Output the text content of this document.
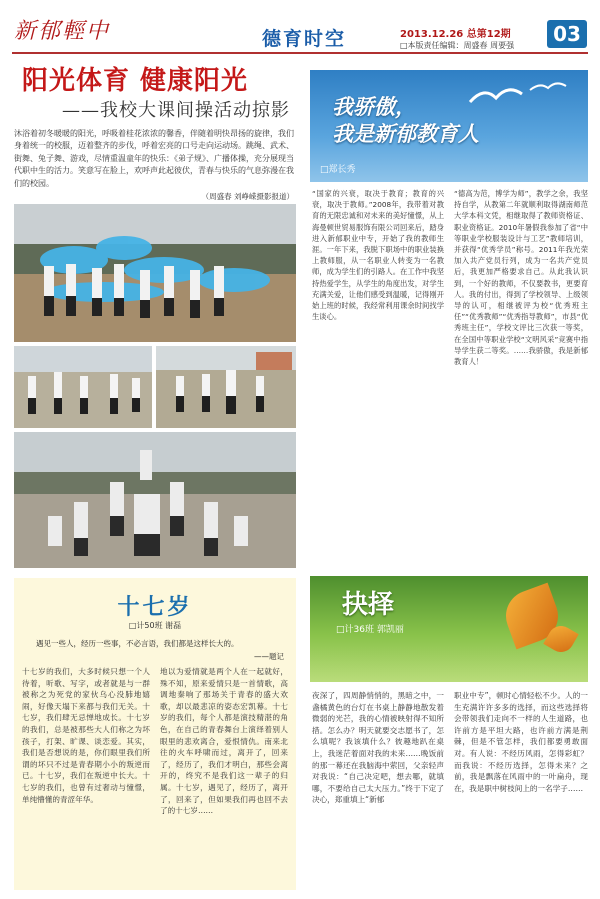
新郁輕中	德育时空	2013.12.26 总第12期
□本版责任编辑：周盛春 周要强	03
阳光体育 健康阳光
——我校大课间操活动掠影
沐浴着初冬暖暖的阳光，呼吸着桂花浓浓的馨香，伴随着明快昂扬的旋律，我们身着统一的校服，迈着整齐的步伐，呼着宏亮的口号走向运动场。跳绳、武术、街舞、兔子舞、游戏，尽情重温童年的快乐：《弟子规》、广播体操，充分展现当代职中生的活力。笑意写在脸上，欢呼声此起彼伏，青春与快乐的气息弥漫在我们的校园。
（周盛春 刘峥嵘摄影报道）
我骄傲，
我是新郁教育人
□郑长秀
“国家的兴衰，取决于教育；教育的兴衰，取决于教师。”2008年，我带着对教育的无限忠诚和对未来的美好憧憬，从上海曼顿世贸易服饰有限公司回来后，踏身进入新郁职业中专，开始了我的教师生涯。一年下来，我脱下职场中的职业装换上教师服，从一名职业人转变为一名教师，成为学生们的引路人。在工作中我坚持热爱学生，从学生的角度出发，对学生充满关爱，让他们感受到温暖，记得刚开始上班的时候，我经常利用课余时间找学生谈心。
“德高为范，博学为师”，教学之余，我坚持自学，从教第二年就顺利取得湖南师范大学本科文凭，相继取得了教师资格证、职业资格证。2010年暑假我参加了省“中等职业学校服装设计与工艺”教师培训，并获得“优秀学员”称号。2011年我光荣加入共产党员行列，成为一名共产党员后，我更加严格要求自己。从此我认识到，一个好的教师，不仅要教书，更要育人。我的付出，得到了学校领导、上级领导的认可，相继被评为校“优秀班主任”“优秀教师”“优秀指导教师”，市县“优秀班主任”，学校文评比三次获一等奖，在全国中等职业学校“文明风采”竞赛中指导学生获二等奖。……我骄傲，我是新郁教育人！
十七岁
□计50班 谢磊
遇见一些人，经历一些事，不必言语，我们都是这样长大的。
——题记
十七岁的我们，大多时候只想一个人待着，听歌、写字，或者就是与一群被称之为死党的家伙乌心没肺地嬉闹，好像天塌下来都与我们无关。十七岁，我们肆无忌惮地成长。十七岁的我们，总是被那些大人们称之为坏孩子，打架、旷课、谈恋爱。其实，我们是否想说的是，你们眼里我们所谓的坏只不过是青春期小小的叛逆而已。十七岁，我们在叛逆中长大。十七岁的我们，也曾有过奢动与憧憬，单纯懵懂的青涩年华。
地以为爱情就是两个人在一起就好，殊不知，原来爱情只是一首情歌，高调地秦响了那场关于青春的盛大欢歌，却以最悲凉的姿态宏凯幕。十七岁的我们，每个人都是演技精湛的角色，在自己的青春舞台上演绎着别人眼里的悲欢离合，爱恨情仇。南来北往的火车呼啸而过，离开了，回来了，经历了，我们才明白，那些会离开的，终究不是我们这一辈子的归属。十七岁，遇见了，经历了，离开了，回来了，但如果我们再也回不去了的十七岁……
抉择
□计36班 郭凯丽
夜深了，四周静悄悄的，黑暗之中，一盏橘黄色的台灯在书桌上静静地散发着微弱的光芒，我的心情被映射得不知所措。怎么办？明天就要交志愿书了，怎么填呢？我该填什么？彼趣地趴在桌上，我迷茫着面对我的未来……晚饭前的那一幕还在我脑海中萦回，父亲轻声对我说：“自己决定吧，想去哪，就填哪，不要给自己太大压力。”终于下定了决心，郑重填上“新郁
职业中专”，顿时心情轻松不少。人的一生充满许许多多的选择，而这些选择将会带领我们走向不一样的人生道路，也许前方是平坦大路，也许前方满是荆棘，但是不管怎样，我们都要勇敢面对。有人说：不经历风雨，怎得彩虹？而我说：不经历选择，怎得未来？之前，我是飘落在风雨中的一叶扁舟，现在，我是职中树枝间上的一名学子……
